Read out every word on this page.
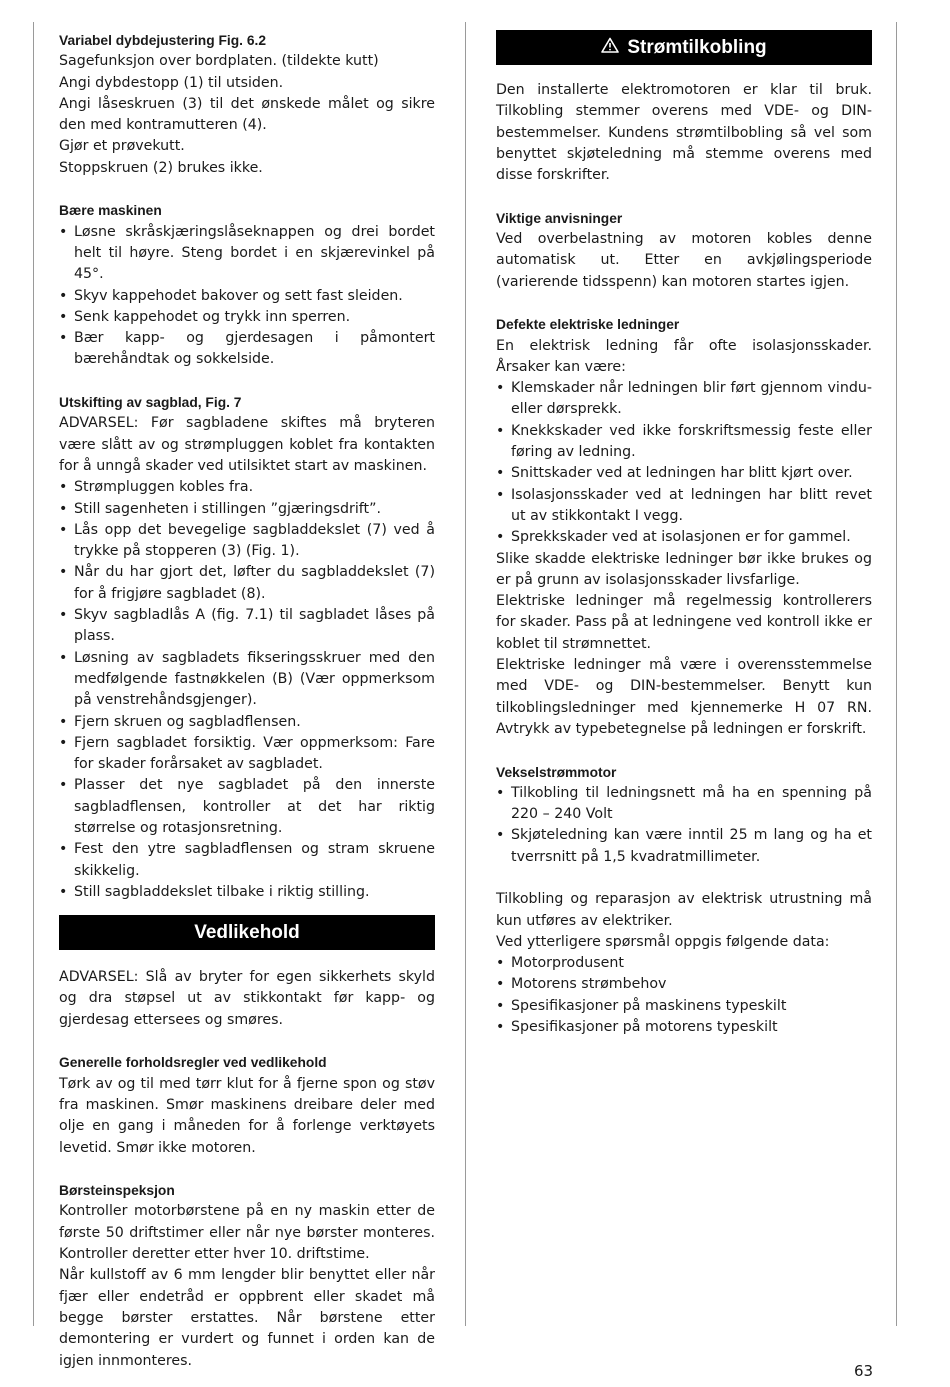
Variabel dybdejustering Fig. 6.2

Sagefunksjon over bordplaten. (tildekte kutt)

Angi dybdestopp (1) til utsiden.

Angi låseskruen (3) til det ønskede målet og sikre den med kontramutteren (4).

Gjør et prøvekutt.

Stoppskruen (2) brukes ikke.

Bære maskinen

• Løsne skråskjæringslåseknappen og drei bordet helt til høyre. Steng bordet i en skjærevinkel på 45°.
• Skyv kappehodet bakover og sett fast sleiden.
• Senk kappehodet og trykk inn sperren.
• Bær kapp- og gjerdesagen i påmontert bærehåndtak og sokkelside.

Utskifting av sagblad, Fig. 7

ADVARSEL: Før sagbladene skiftes må bryteren være slått av og strømpluggen koblet fra kontakten for å unngå skader ved utilsiktet start av maskinen.

• Strømpluggen kobles fra.
• Still sagenheten i stillingen ”gjæringsdrift”.
• Lås opp det bevegelige sagbladdekslet (7) ved å trykke på stopperen (3) (Fig. 1).
• Når du har gjort det, løfter du sagbladdekslet (7) for å frigjøre sagbladet (8).
• Skyv sagbladlås A (fig. 7.1) til sagbladet låses på plass.
• Løsning av sagbladets fikseringsskruer med den medfølgende fastnøkkelen (B) (Vær oppmerksom på venstrehåndsgjenger).
• Fjern skruen og sagbladflensen.
• Fjern sagbladet forsiktig. Vær oppmerksom: Fare for skader forårsaket av sagbladet.
• Plasser det nye sagbladet på den innerste sagbladflensen, kontroller at det har riktig størrelse og rotasjonsretning.
• Fest den ytre sagbladflensen og stram skruene skikkelig.
• Still sagbladdekslet tilbake i riktig stilling.
Vedlikehold

ADVARSEL: Slå av bryter for egen sikkerhets skyld og dra støpsel ut av stikkontakt før kapp- og gjerdesag ettersees og smøres.

Generelle forholdsregler ved vedlikehold

Tørk av og til med tørr klut for å fjerne spon og støv fra maskinen. Smør maskinens dreibare deler med olje en gang i måneden for å forlenge verktøyets levetid. Smør ikke motoren.

Børsteinspeksjon

Kontroller motorbørstene på en ny maskin etter de første 50 driftstimer eller når nye børster monteres. Kontroller deretter etter hver 10. driftstime.

Når kullstoff av 6 mm lengder blir benyttet eller når fjær eller endetråd er oppbrent eller skadet må begge børster erstattes. Når børstene etter demontering er vurdert og funnet i orden kan de igjen innmonteres.

Strømtilkobling

Den installerte elektromotoren er klar til bruk. Tilkobling stemmer overens med VDE- og DIN-bestemmelser. Kundens strømtilbobling så vel som benyttet skjøteledning må stemme overens med disse forskrifter.

Viktige anvisninger

Ved overbelastning av motoren kobles denne automatisk ut. Etter en avkjølingsperiode (varierende tidsspenn) kan motoren startes igjen.

Defekte elektriske ledninger

En elektrisk ledning får ofte isolasjonsskader. Årsaker kan være:

• Klemskader når ledningen blir ført gjennom vindu- eller dørsprekk.
• Knekkskader ved ikke forskriftsmessig feste eller føring av ledning.
• Snittskader ved at ledningen har blitt kjørt over.
• Isolasjonsskader ved at ledningen har blitt revet ut av stikkontakt I vegg.
• Sprekkskader ved at isolasjonen er for gammel.

Slike skadde elektriske ledninger bør ikke brukes og er på grunn av isolasjonsskader livsfarlige.

Elektriske ledninger må regelmessig kontrollerers for skader. Pass på at ledningene ved kontroll ikke er koblet til strømnettet.

Elektriske ledninger må være i overensstemmelse med VDE- og DIN-bestemmelser. Benytt kun tilkoblingsledninger med kjennemerke H 07 RN. Avtrykk av typebetegnelse på ledningen er forskrift.

Vekselstrømmotor

• Tilkobling til ledningsnett må ha en spenning på 220 – 240 Volt
• Skjøteledning kan være inntil 25 m lang og ha et tverrsnitt på 1,5 kvadratmillimeter.

Tilkobling og reparasjon av elektrisk utrustning må kun utføres av elektriker.

Ved ytterligere spørsmål oppgis følgende data:

• Motorprodusent
• Motorens strømbehov
• Spesifikasjoner på maskinens typeskilt
• Spesifikasjoner på motorens typeskilt
63
